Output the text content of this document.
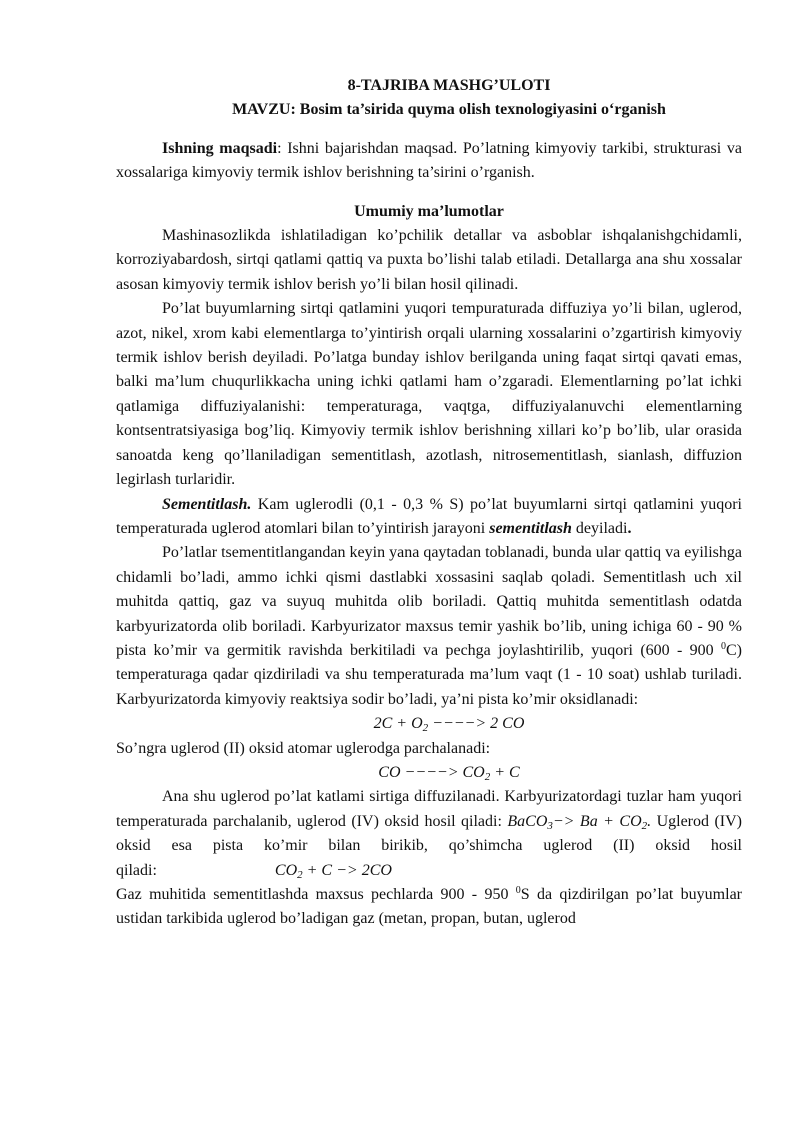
8-TAJRIBA MASHG’ULOTI

MAVZU: Bosim ta’sirida quyma olish texnologiyasini o‘rganish

Ishning maqsadi: Ishni bajarishdan maqsad. Po’latning kimyoviy tarkibi, strukturasi va xossalariga kimyoviy termik ishlov berishning ta’sirini o’rganish.

Umumiy ma’lumotlar

Mashinasozlikda ishlatiladigan ko’pchilik detallar va asboblar ishqalanishgchidamli, korroziyabardosh, sirtqi qatlami qattiq va puxta bo’lishi talab etiladi. Detallarga ana shu xossalar asosan kimyoviy termik ishlov berish yo’li bilan hosil qilinadi.

Po’lat buyumlarning sirtqi qatlamini yuqori tempuraturada diffuziya yo’li bilan, uglerod, azot, nikel, xrom kabi elementlarga to’yintirish orqali ularning xossalarini o’zgartirish kimyoviy termik ishlov berish deyiladi. Po’latga bunday ishlov berilganda uning faqat sirtqi qavati emas, balki ma’lum chuqurlikkacha uning ichki qatlami ham o’zgaradi. Elementlarning po’lat ichki qatlamiga diffuziyalanishi: temperaturaga, vaqtga, diffuziyalanuvchi elementlarning kontsentratsiyasiga bog’liq. Kimyoviy termik ishlov berishning xillari ko’p bo’lib, ular orasida sanoatda keng qo’llaniladigan sementitlash, azotlash, nitrosementitlash, sianlash, diffuzion legirlash turlaridir.

Sementitlash. Kam uglerodli (0,1 - 0,3 % S) po’lat buyumlarni sirtqi qatlamini yuqori temperaturada uglerod atomlari bilan to’yintirish jarayoni sementitlash deyiladi.

Po’latlar tsementitlangandan keyin yana qaytadan toblanadi, bunda ular qattiq va eyilishga chidamli bo’ladi, ammo ichki qismi dastlabki xossasini saqlab qoladi. Sementitlash uch xil muhitda qattiq, gaz va suyuq muhitda olib boriladi. Qattiq muhitda sementitlash odatda karbyurizatorda olib boriladi. Karbyurizator maxsus temir yashik bo’lib, uning ichiga 60 - 90 % pista ko’mir va germitik ravishda berkitiladi va pechga joylashtirilib, yuqori (600 - 900 $^0$C) temperaturaga qadar qizdiriladi va shu temperaturada ma’lum vaqt (1 - 10 soat) ushlab turiladi. Karbyurizatorda kimyoviy reaktsiya sodir bo’ladi, ya’ni pista ko’mir oksidlanadi:

$2C + O_2$ −−−−> 2 CO

So’ngra uglerod (II) oksid atomar uglerodga parchalanadi:

CO −−−−> $CO_2 + C$

Ana shu uglerod po’lat katlami sirtiga diffuzilanadi. Karbyurizatordagi tuzlar ham yuqori temperaturada parchalanib, uglerod (IV) oksid hosil qiladi: BaCO$_3$−> $Ba + CO_2$. Uglerod (IV) oksid esa pista ko’mir bilan birikib, qo’shimcha uglerod (II) oksid hosil qiladi:	$CO_2 + C -> 2CO$

Gaz muhitida sementitlashda maxsus pechlarda 900 - 950 $^0$S da qizdirilgan po’lat buyumlar ustidan tarkibida uglerod bo’ladigan gaz (metan, propan, butan, uglerod
